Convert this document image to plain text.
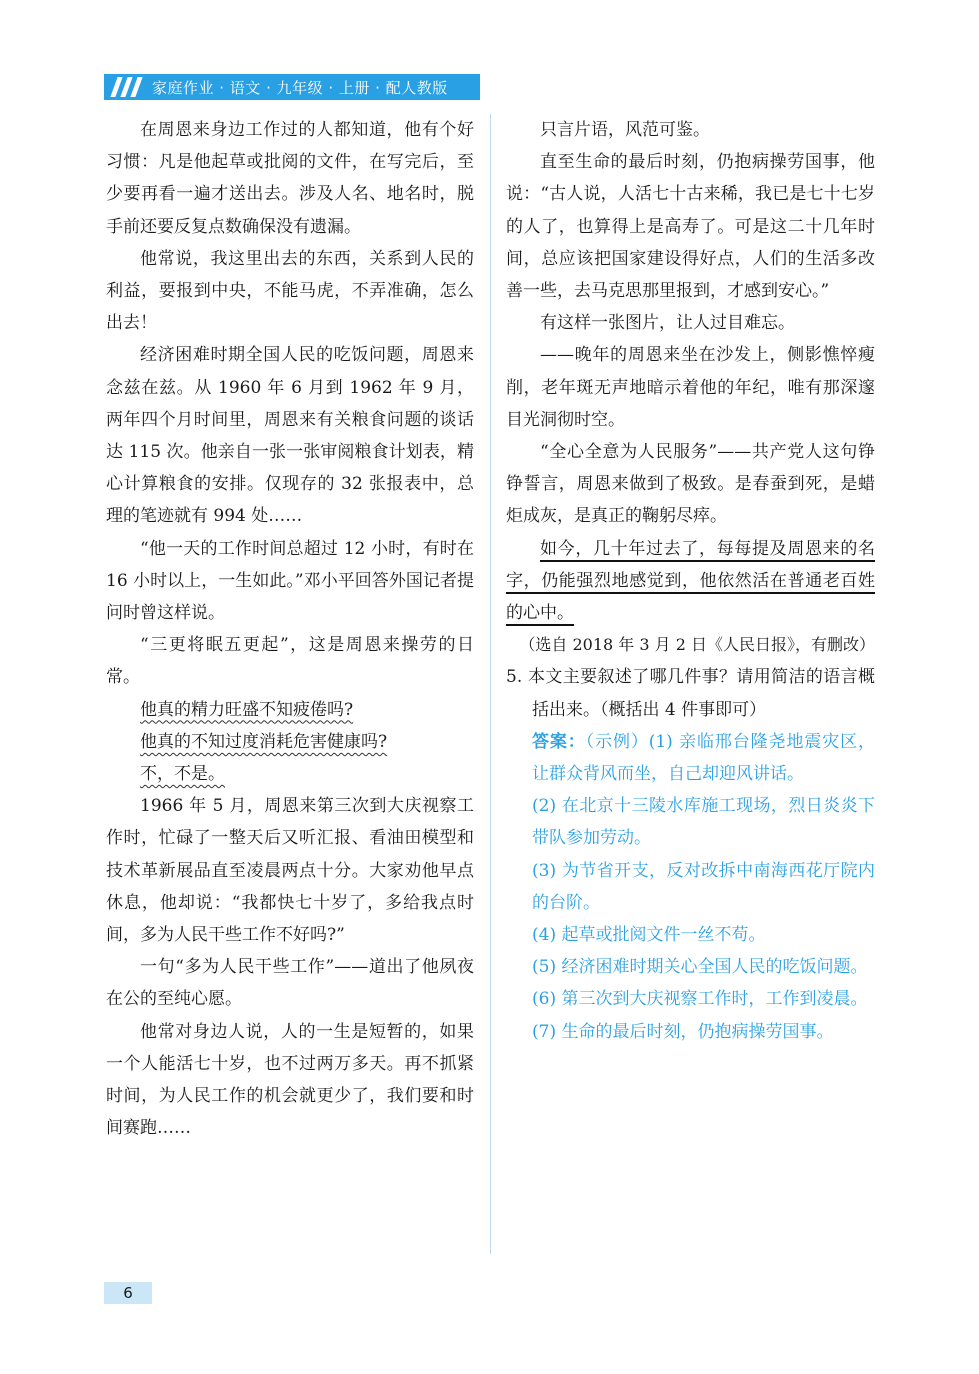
家庭作业 · 语文 · 九年级 · 上册 · 配人教版

在周恩来身边工作过的人都知道，他有个好习惯：凡是他起草或批阅的文件，在写完后，至少要再看一遍才送出去。涉及人名、地名时，脱手前还要反复点数确保没有遗漏。

他常说，我这里出去的东西，关系到人民的利益，要报到中央，不能马虎，不弄准确，怎么出去！

经济困难时期全国人民的吃饭问题，周恩来念兹在兹。从 1960 年 6 月到 1962 年 9 月，两年四个月时间里，周恩来有关粮食问题的谈话达 115 次。他亲自一张一张审阅粮食计划表，精心计算粮食的安排。仅现存的 32 张报表中，总理的笔迹就有 994 处……

“他一天的工作时间总超过 12 小时，有时在 16 小时以上，一生如此。”邓小平回答外国记者提问时曾这样说。

“三更将眠五更起”，这是周恩来操劳的日常。

他真的精力旺盛不知疲倦吗?

他真的不知过度消耗危害健康吗?

不，不是。

1966 年 5 月，周恩来第三次到大庆视察工作时，忙碌了一整天后又听汇报、看油田模型和技术革新展品直至凌晨两点十分。大家劝他早点休息，他却说：“我都快七十岁了，多给我点时间，多为人民干些工作不好吗?”

一句“多为人民干些工作”——道出了他夙夜在公的至纯心愿。

他常对身边人说，人的一生是短暂的，如果一个人能活七十岁，也不过两万多天。再不抓紧时间，为人民工作的机会就更少了，我们要和时间赛跑……

只言片语，风范可鉴。

直至生命的最后时刻，仍抱病操劳国事，他说：“古人说，人活七十古来稀，我已是七十七岁的人了，也算得上是高寿了。可是这二十几年时间，总应该把国家建设得好点，人们的生活多改善一些，去马克思那里报到，才感到安心。”

有这样一张图片，让人过目难忘。

——晚年的周恩来坐在沙发上，侧影憔悴瘦削，老年斑无声地暗示着他的年纪，唯有那深邃目光洞彻时空。

“全心全意为人民服务”——共产党人这句铮铮誓言，周恩来做到了极致。是春蚕到死，是蜡炬成灰，是真正的鞠躬尽瘁。

如今，几十年过去了，每每提及周恩来的名字，仍能强烈地感觉到，他依然活在普通老百姓的心中。

（选自 2018 年 3 月 2 日《人民日报》，有删改）

5. 本文主要叙述了哪几件事？请用简洁的语言概括出来。（概括出 4 件事即可）

答案：（示例）(1) 亲临邢台隆尧地震灾区，让群众背风而坐，自己却迎风讲话。

(2) 在北京十三陵水库施工现场，烈日炎炎下带队参加劳动。

(3) 为节省开支，反对改拆中南海西花厅院内的台阶。

(4) 起草或批阅文件一丝不苟。

(5) 经济困难时期关心全国人民的吃饭问题。

(6) 第三次到大庆视察工作时，工作到凌晨。

(7) 生命的最后时刻，仍抱病操劳国事。

6
